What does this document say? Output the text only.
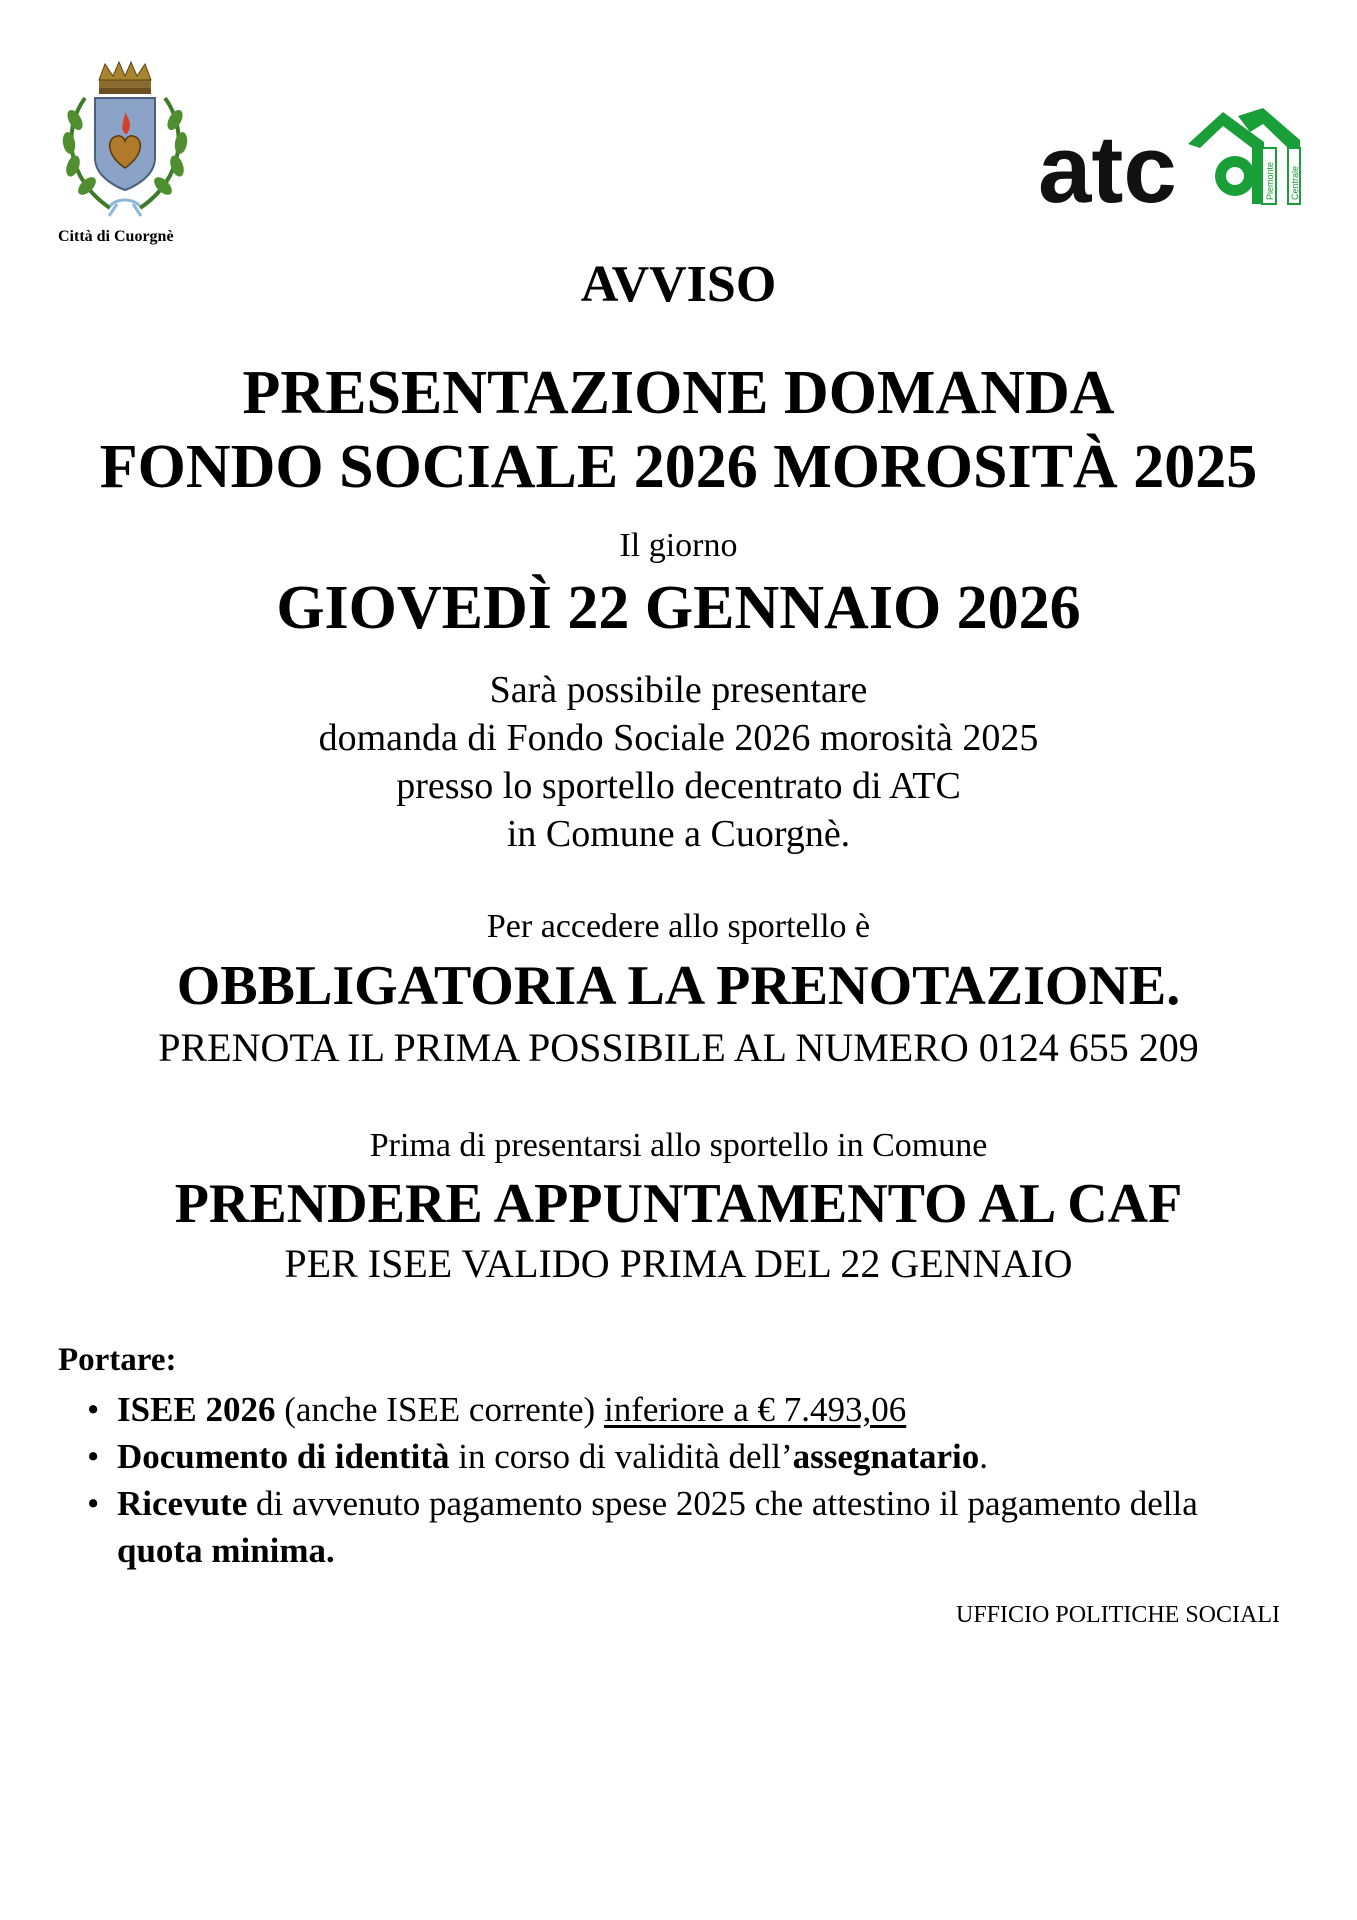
Città di Cuorgnè
atc	Piemonte Centrale
AVVISO
PRESENTAZIONE DOMANDA
FONDO SOCIALE 2026 MOROSITÀ 2025
Il giorno
GIOVEDÌ 22 GENNAIO 2026
Sarà possibile presentare
domanda di Fondo Sociale 2026 morosità 2025
presso lo sportello decentrato di ATC
in Comune a Cuorgnè.
Per accedere allo sportello è
OBBLIGATORIA LA PRENOTAZIONE.
PRENOTA IL PRIMA POSSIBILE AL NUMERO 0124 655 209
Prima di presentarsi allo sportello in Comune
PRENDERE APPUNTAMENTO AL CAF
PER ISEE VALIDO PRIMA DEL 22 GENNAIO
Portare:
• ISEE 2026 (anche ISEE corrente) inferiore a € 7.493,06
• Documento di identità in corso di validità dell’assegnatario.
• Ricevute di avvenuto pagamento spese 2025 che attestino il pagamento della quota minima.
UFFICIO POLITICHE SOCIALI
